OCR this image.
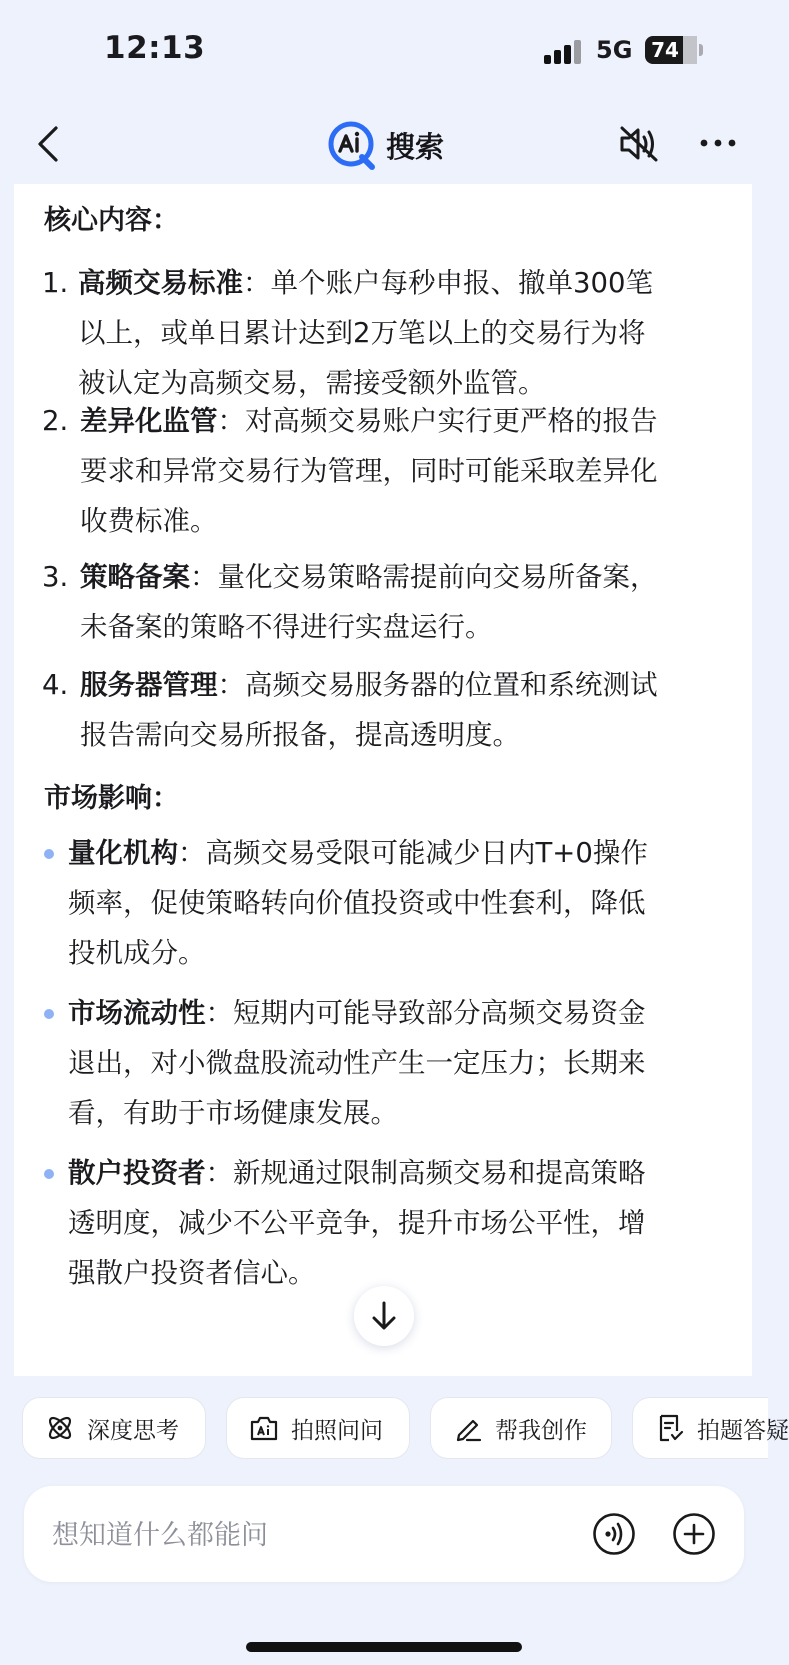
12:13	5G 74
搜索
核心内容：
1. 高频交易标准：单个账户每秒申报、撤单300笔
以上，或单日累计达到2万笔以上的交易行为将
被认定为高频交易，需接受额外监管。
2. 差异化监管：对高频交易账户实行更严格的报告
要求和异常交易行为管理，同时可能采取差异化
收费标准。
3. 策略备案：量化交易策略需提前向交易所备案，
未备案的策略不得进行实盘运行。
4. 服务器管理：高频交易服务器的位置和系统测试
报告需向交易所报备，提高透明度。
市场影响：
量化机构：高频交易受限可能减少日内T+0操作
频率，促使策略转向价值投资或中性套利，降低
投机成分。
市场流动性：短期内可能导致部分高频交易资金
退出，对小微盘股流动性产生一定压力；长期来
看，有助于市场健康发展。
散户投资者：新规通过限制高频交易和提高策略
透明度，减少不公平竞争，提升市场公平性，增
强散户投资者信心。
深度思考	拍照问问	帮我创作	拍题答疑
想知道什么都能问
